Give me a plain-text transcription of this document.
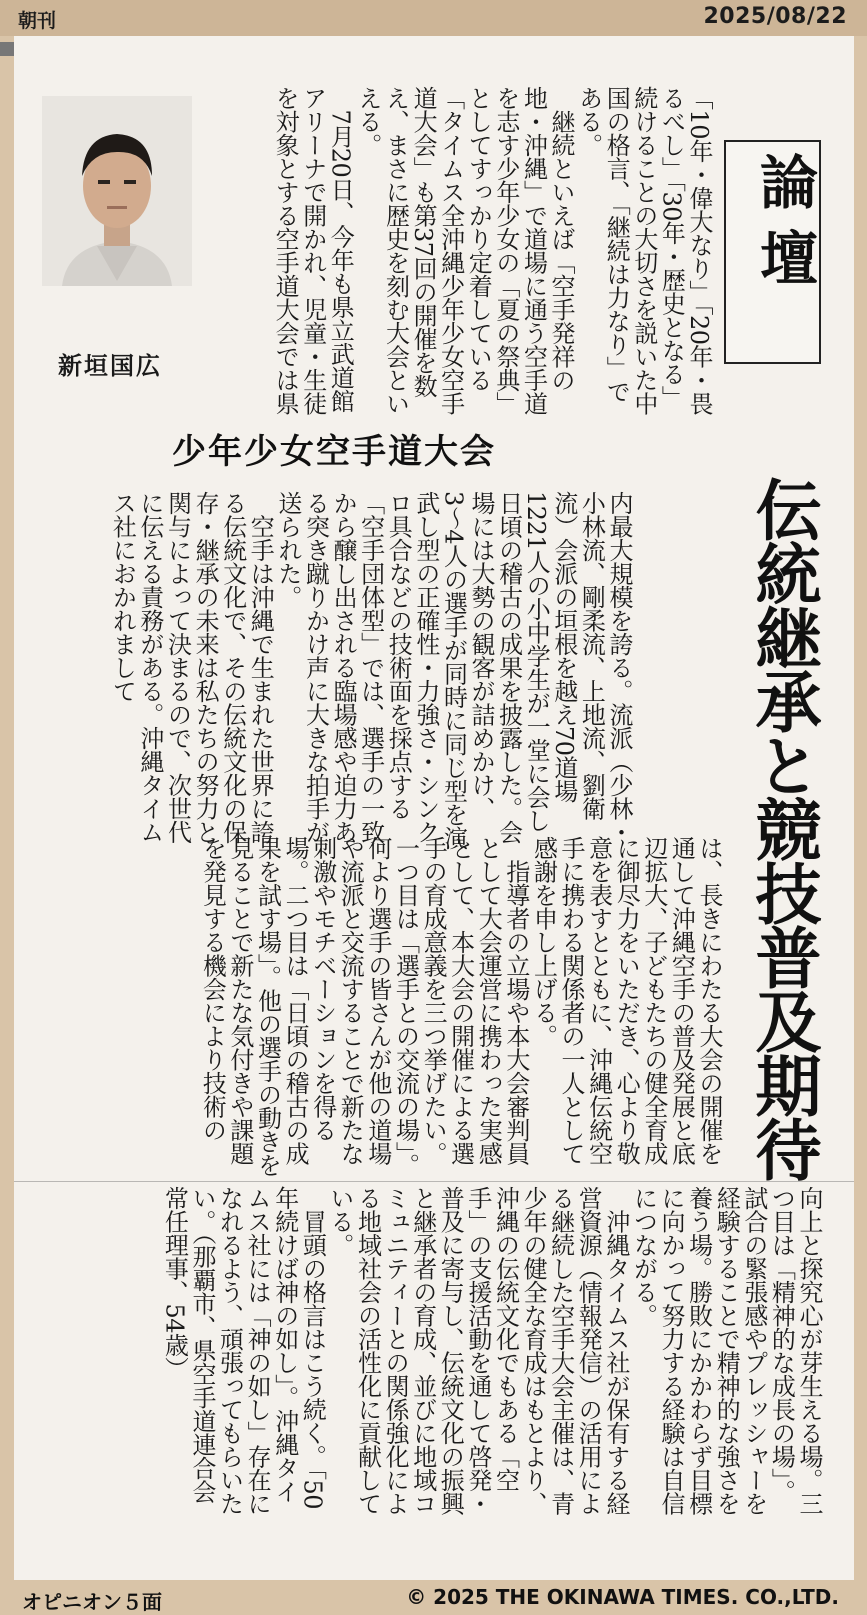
朝刊	2025/08/22
論壇
伝統継承と競技普及期待
「10年・偉大なり」「20年・畏るべし」「30年・歴史となる」続けることの大切さを説いた中国の格言、「継続は力なり」である。
　継続といえば「空手発祥の地・沖縄」で道場に通う空手道を志す少年少女の「夏の祭典」としてすっかり定着している「タイムス全沖縄少年少女空手道大会」も第37回の開催を数え、まさに歴史を刻む大会といえる。
　7月20日、今年も県立武道館アリーナで開かれ、児童・生徒を対象とする空手道大会では県
新垣国広
少年少女空手道大会
内最大規模を誇る。流派（少林・小林流、剛柔流、上地流、劉衛流）会派の垣根を越え70道場1221人の小中学生が一堂に会し日頃の稽古の成果を披露した。会場には大勢の観客が詰めかけ、3〜4人の選手が同時に同じ型を演武し型の正確性・力強さ・シンクロ具合などの技術面を採点する「空手団体型」では、選手の一致から醸し出される臨場感や迫力ある突き蹴りかけ声に大きな拍手が送られた。
　空手は沖縄で生まれた世界に誇る伝統文化で、その伝統文化の保存・継承の未来は私たちの努力と関与によって決まるので、次世代に伝える責務がある。沖縄タイムス社におかれまして
は、長きにわたる大会の開催を通して沖縄空手の普及発展と底辺拡大、子どもたちの健全育成に御尽力をいただき、心より敬意を表すとともに、沖縄伝統空手に携わる関係者の一人として感謝を申し上げる。
　指導者の立場や本大会審判員として大会運営に携わった実感として、本大会の開催による選手の育成意義を三つ挙げたい。一つ目は「選手との交流の場」。何より選手の皆さんが他の道場や流派と交流することで新たな刺激やモチベーションを得る場。二つ目は「日頃の稽古の成果を試す場」。他の選手の動きを見ることで新たな気付きや課題を発見する機会により技術の
向上と探究心が芽生える場。三つ目は「精神的な成長の場」。試合の緊張感やプレッシャーを経験することで精神的な強さを養う場。勝敗にかかわらず目標に向かって努力する経験は自信につながる。
　沖縄タイムス社が保有する経営資源（情報発信）の活用による継続した空手大会主催は、青少年の健全な育成はもとより、沖縄の伝統文化でもある「空手」の支援活動を通して啓発・普及に寄与し、伝統文化の振興と継承者の育成、並びに地域コミュニティーとの関係強化による地域社会の活性化に貢献している。
　冒頭の格言はこう続く。「50年続けば神の如し」。沖縄タイムス社には「神の如し」存在になれるよう、頑張ってもらいたい。（那覇市、県空手道連合会常任理事、54歳）
オピニオン５面	© 2025 THE OKINAWA TIMES. CO.,LTD.
